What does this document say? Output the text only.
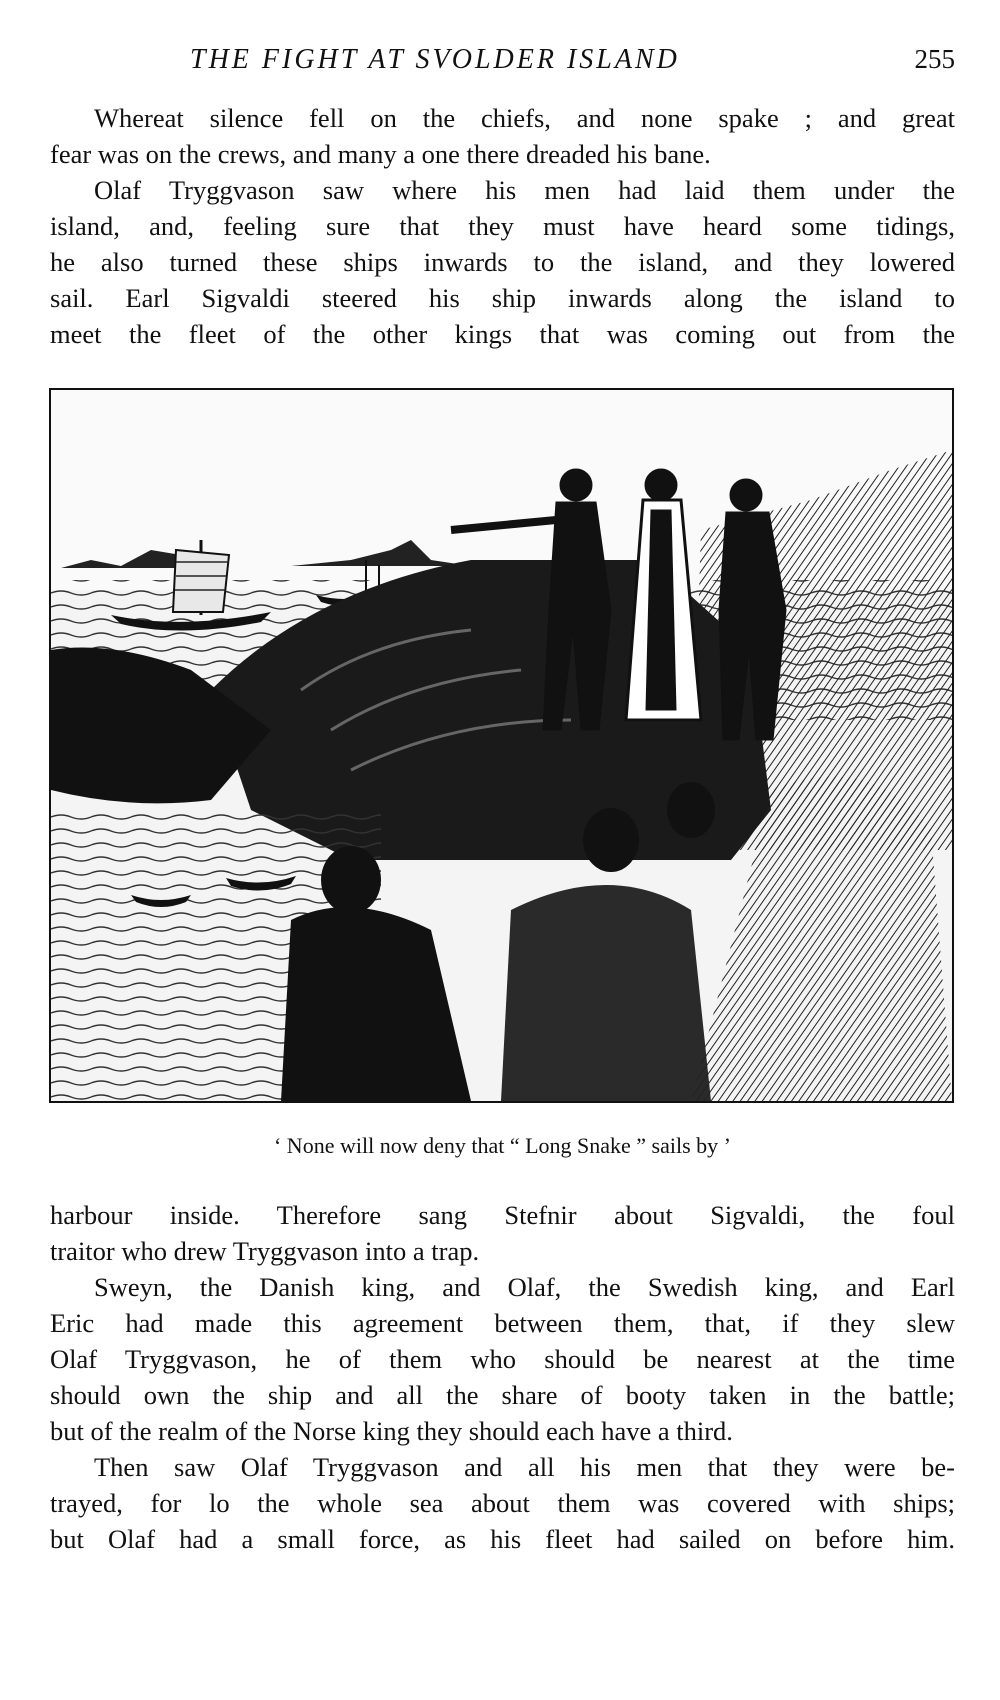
THE FIGHT AT SVOLDER ISLAND	255
Whereat silence fell on the chiefs, and none spake ; and great
fear was on the crews, and many a one there dreaded his bane.
Olaf Tryggvason saw where his men had laid them under the
island, and, feeling sure that they must have heard some tidings,
he also turned these ships inwards to the island, and they lowered
sail. Earl Sigvaldi steered his ship inwards along the island to
meet the fleet of the other kings that was coming out from the
‘ None will now deny that “ Long Snake ” sails by ’
harbour inside. Therefore sang Stefnir about Sigvaldi, the foul
traitor who drew Tryggvason into a trap.
Sweyn, the Danish king, and Olaf, the Swedish king, and Earl
Eric had made this agreement between them, that, if they slew
Olaf Tryggvason, he of them who should be nearest at the time
should own the ship and all the share of booty taken in the battle;
but of the realm of the Norse king they should each have a third.
Then saw Olaf Tryggvason and all his men that they were be-
trayed, for lo the whole sea about them was covered with ships;
but Olaf had a small force, as his fleet had sailed on before him.
